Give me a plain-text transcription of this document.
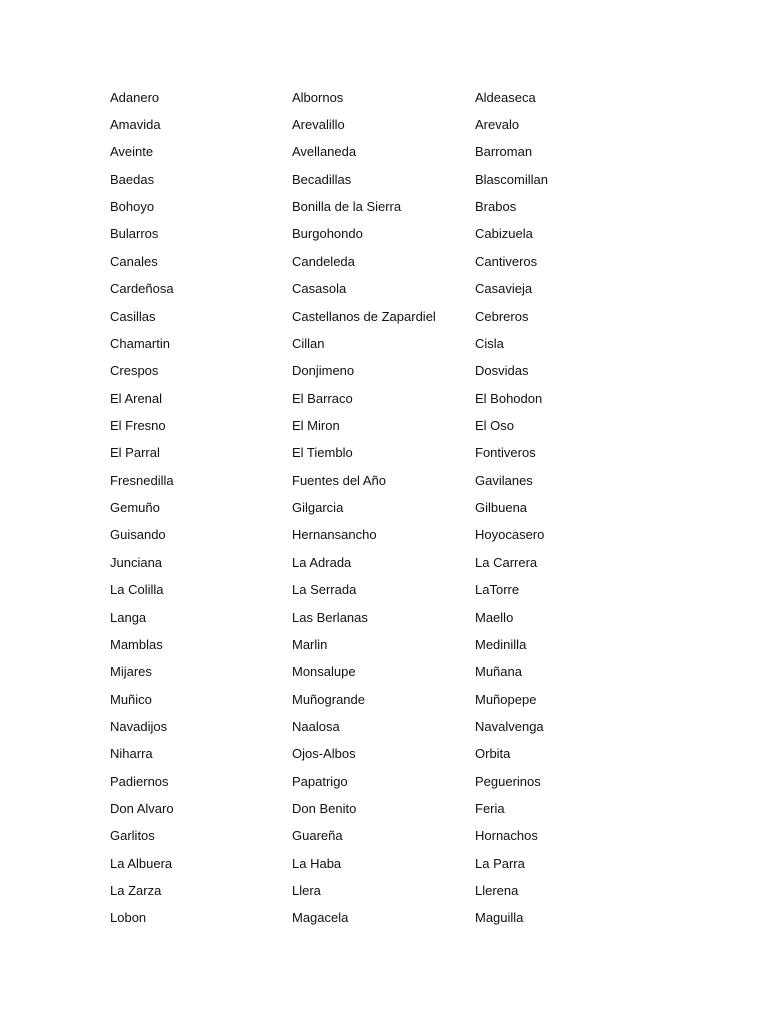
Adanero	Albornos	Aldeaseca
Amavida	Arevalillo	Arevalo
Aveinte	Avellaneda	Barroman
Baedas	Becadillas	Blascomillan
Bohoyo	Bonilla de la Sierra	Brabos
Bularros	Burgohondo	Cabizuela
Canales	Candeleda	Cantiveros
Cardeñosa	Casasola	Casavieja
Casillas	Castellanos de Zapardiel	Cebreros
Chamartin	Cillan	Cisla
Crespos	Donjimeno	Dosvidas
El Arenal	El Barraco	El Bohodon
El Fresno	El Miron	El Oso
El Parral	El Tiemblo	Fontiveros
Fresnedilla	Fuentes del Año	Gavilanes
Gemuño	Gilgarcia	Gilbuena
Guisando	Hernansancho	Hoyocasero
Junciana	La Adrada	La Carrera
La Colilla	La Serrada	LaTorre
Langa	Las Berlanas	Maello
Mamblas	Marlin	Medinilla
Mijares	Monsalupe	Muñana
Muñico	Muñogrande	Muñopepe
Navadijos	Naalosa	Navalvenga
Niharra	Ojos-Albos	Orbita
Padiernos	Papatrigo	Peguerinos
Don Alvaro	Don Benito	Feria
Garlitos	Guareña	Hornachos
La Albuera	La Haba	La Parra
La Zarza	Llera	Llerena
Lobon	Magacela	Maguilla
